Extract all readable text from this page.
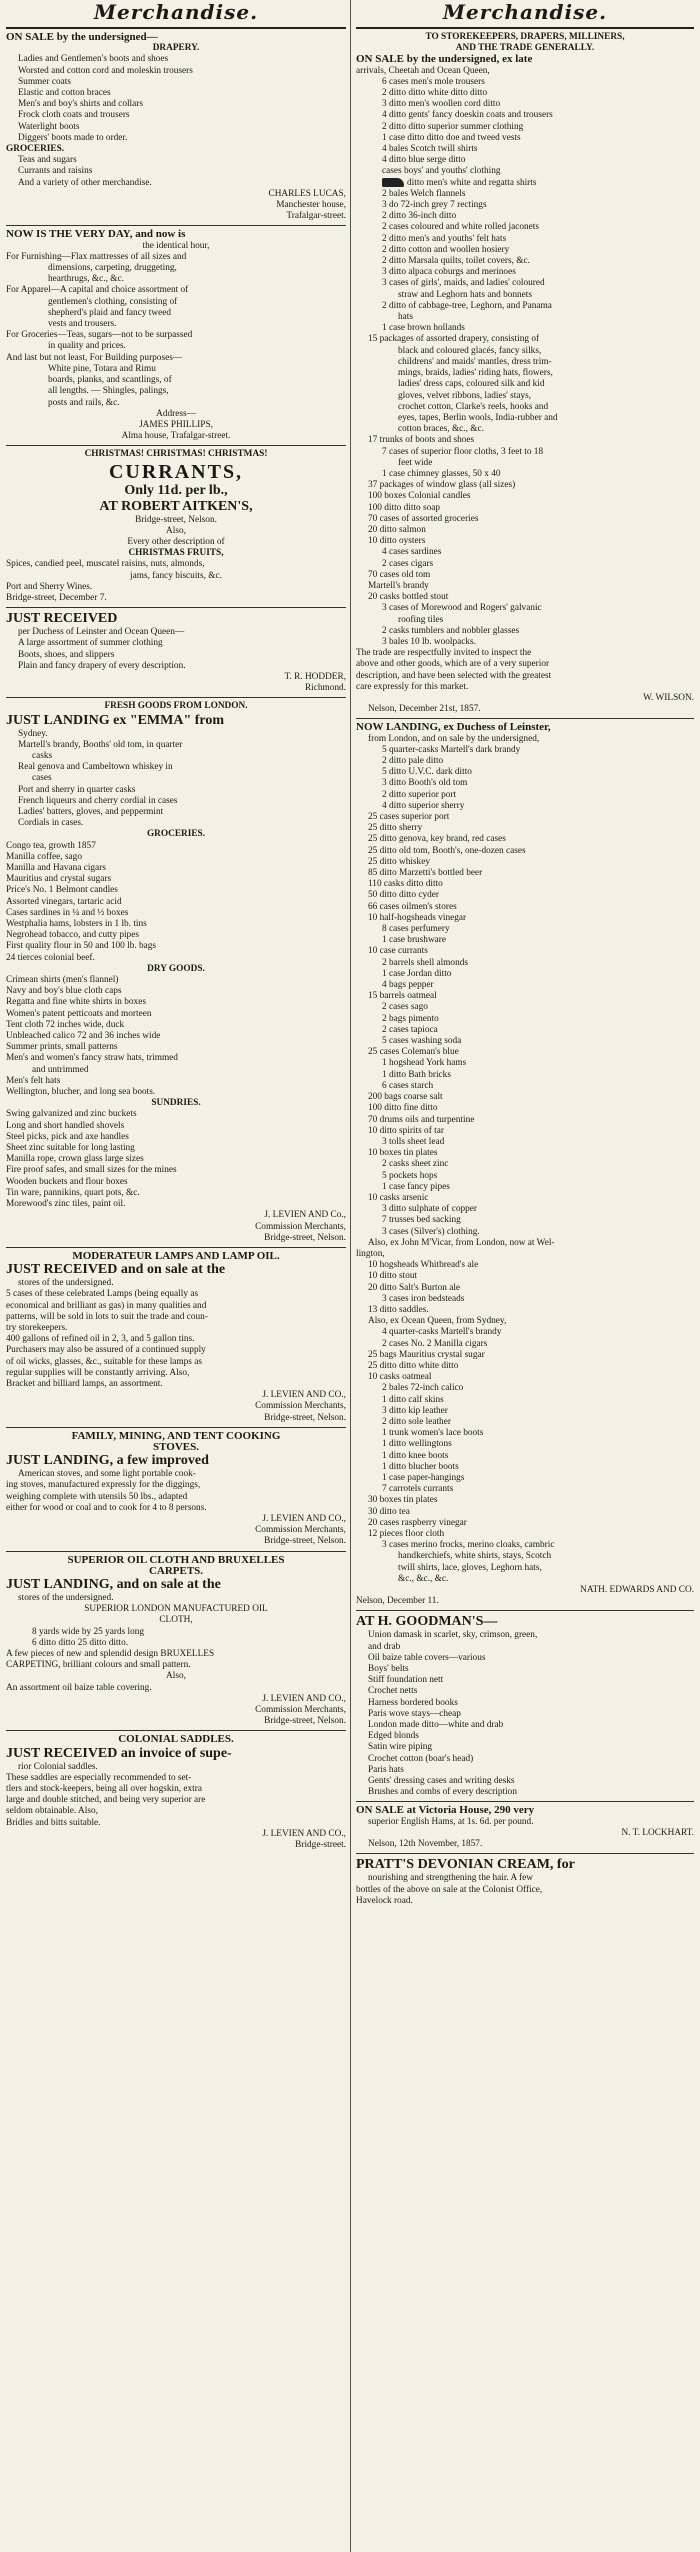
Merchandise.
ON SALE by the undersigned—
DRAPERY.
Ladies and Gentlemen's boots and shoes
Worsted and cotton cord and moleskin trousers
Summer coats
Elastic and cotton braces
Men's and boy's shirts and collars
Frock cloth coats and trousers
Waterlight boots
Diggers' boots made to order.
GROCERIES.
Teas and sugars
Currants and raisins
And a variety of other merchandise.
CHARLES LUCAS,
Manchester house,
Trafalgar-street.
NOW IS THE VERY DAY, and now is
the identical hour,
For Furnishing—Flax mattresses of all sizes and
dimensions, carpeting, druggeting,
hearthrugs, &c., &c.
For Apparel—A capital and choice assortment of
gentlemen's clothing, consisting of
shepherd's plaid and fancy tweed
vests and trousers.
For Groceries—Teas, sugars—not to be surpassed
in quality and prices.
And last but not least, For Building purposes—
White pine, Totara and Rimu
boards, planks, and scantlings, of
all lengths. — Shingles, palings,
posts and rails, &c.
Address—
JAMES PHILLIPS,
Alma house, Trafalgar-street.
CHRISTMAS! CHRISTMAS! CHRISTMAS!
CURRANTS,
Only 11d. per lb.,
AT ROBERT AITKEN'S,
Bridge-street, Nelson.
Also,
Every other description of
CHRISTMAS FRUITS,
Spices, candied peel, muscatel raisins, nuts, almonds,
jams, fancy biscuits, &c.
Port and Sherry Wines.
Bridge-street, December 7.
JUST RECEIVED
per Duchess of Leinster and Ocean Queen—
A large assortment of summer clothing
Boots, shoes, and slippers
Plain and fancy drapery of every description.
T. R. HODDER,
Richmond.
FRESH GOODS FROM LONDON.
JUST LANDING ex "EMMA" from
Sydney.
Martell's brandy, Booths' old tom, in quarter
casks
Real genova and Cambeltown whiskey in
cases
Port and sherry in quarter casks
French liqueurs and cherry cordial in cases
Ladies' batters, gloves, and peppermint
Cordials in cases.
GROCERIES.
Congo tea, growth 1857
Manilla coffee, sago
Manilla and Havana cigars
Mauritius and crystal sugars
Price's No. 1 Belmont candles
Assorted vinegars, tartaric acid
Cases sardines in ¼ and ½ boxes
Westphalia hams, lobsters in 1 lb. tins
Negrohead tobacco, and cutty pipes
First quality flour in 50 and 100 lb. bags
24 tierces colonial beef.
DRY GOODS.
Crimean shirts (men's flannel)
Navy and boy's blue cloth caps
Regatta and fine white shirts in boxes
Women's patent petticoats and morteen
Tent cloth 72 inches wide, duck
Unbleached calico 72 and 36 inches wide
Summer prints, small patterns
Men's and women's fancy straw hats, trimmed
and untrimmed
Men's felt hats
Wellington, blucher, and long sea boots.
SUNDRIES.
Swing galvanized and zinc buckets
Long and short handled shovels
Steel picks, pick and axe handles
Sheet zinc suitable for long lasting
Manilla rope, crown glass large sizes
Fire proof safes, and small sizes for the mines
Wooden buckets and flour boxes
Tin ware, pannikins, quart pots, &c.
Morewood's zinc tiles, paint oil.
J. LEVIEN AND Co.,
Commission Merchants,
Bridge-street, Nelson.
MODERATEUR LAMPS AND LAMP OIL.
JUST RECEIVED and on sale at the
stores of the undersigned.
5 cases of these celebrated Lamps (being equally as
economical and brilliant as gas) in many qualities and
patterns, will be sold in lots to suit the trade and coun-
try storekeepers.
400 gallons of refined oil in 2, 3, and 5 gallon tins.
Purchasers may also be assured of a continued supply
of oil wicks, glasses, &c., suitable for these lamps as
regular supplies will be constantly arriving. Also,
Bracket and billiard lamps, an assortment.
J. LEVIEN AND CO.,
Commission Merchants,
Bridge-street, Nelson.
FAMILY, MINING, AND TENT COOKING
STOVES.
JUST LANDING, a few improved
American stoves, and some light portable cook-
ing stoves, manufactured expressly for the diggings,
weighing complete with utensils 50 lbs., adapted
either for wood or coal and to cook for 4 to 8 persons.
J. LEVIEN AND CO.,
Commission Merchants,
Bridge-street, Nelson.
SUPERIOR OIL CLOTH AND BRUXELLES
CARPETS.
JUST LANDING, and on sale at the
stores of the undersigned.
SUPERIOR LONDON MANUFACTURED OIL
CLOTH,
8 yards wide by 25 yards long
6 ditto ditto 25 ditto ditto.
A few pieces of new and splendid design BRUXELLES
CARPETING, brilliant colours and small pattern.
Also,
An assortment oil baize table covering.
J. LEVIEN AND CO.,
Commission Merchants,
Bridge-street, Nelson.
COLONIAL SADDLES.
JUST RECEIVED an invoice of supe-
rior Colonial saddles.
These saddles are especially recommended to set-
tlers and stock-keepers, being all over hogskin, extra
large and double stitched, and being very superior are
seldom obtainable. Also,
Bridles and bitts suitable.
J. LEVIEN AND CO.,
Bridge-street.
Merchandise.
TO STOREKEEPERS, DRAPERS, MILLINERS,
AND THE TRADE GENERALLY.
ON SALE by the undersigned, ex late
arrivals, Cheetah and Ocean Queen,
6 cases men's mole trousers
2 ditto ditto white ditto ditto
3 ditto men's woollen cord ditto
4 ditto gents' fancy doeskin coats and trousers
2 ditto ditto superior summer clothing
1 case ditto ditto doe and tweed vests
4 bales Scotch twill shirts
4 ditto blue serge ditto
cases boys' and youths' clothing
ditto men's white and regatta shirts
2 bales Welch flannels
3 do 72-inch grey 7 rectings
2 ditto 36-inch ditto
2 cases coloured and white rolled jaconets
2 ditto men's and youths' felt hats
2 ditto cotton and woollen hosiery
2 ditto Marsala quilts, toilet covers, &c.
3 ditto alpaca coburgs and merinoes
3 cases of girls', maids, and ladies' coloured
straw and Leghorn hats and bonnets
2 ditto of cabbage-tree, Leghorn, and Panama
hats
1 case brown hollands
15 packages of assorted drapery, consisting of
black and coloured glacés, fancy silks,
childrens' and maids' mantles, dress trim-
mings, braids, ladies' riding hats, flowers,
ladies' dress caps, coloured silk and kid
gloves, velvet ribbons, ladies' stays,
crochet cotton, Clarke's reels, hooks and
eyes, tapes, Berlin wools, India-rubber and
cotton braces, &c., &c.
17 trunks of boots and shoes
7 cases of superior floor cloths, 3 feet to 18
feet wide
1 case chimney glasses, 50 x 40
37 packages of window glass (all sizes)
100 boxes Colonial candles
100 ditto ditto soap
70 cases of assorted groceries
20 ditto salmon
10 ditto oysters
4 cases sardines
2 cases cigars
70 cases old tom
Martell's brandy
20 casks bottled stout
3 cases of Morewood and Rogers' galvanic
roofing tiles
2 casks tumblers and nobbler glasses
3 bales 10 lb. woolpacks.
The trade are respectfully invited to inspect the
above and other goods, which are of a very superior
description, and have been selected with the greatest
care expressly for this market.
W. WILSON.
Nelson, December 21st, 1857.
NOW LANDING, ex Duchess of Leinster,
from London, and on sale by the undersigned,
5 quarter-casks Martell's dark brandy
2 ditto pale ditto
5 ditto U.V.C. dark ditto
3 ditto Booth's old tom
2 ditto superior port
4 ditto superior sherry
25 cases superior port
25 ditto sherry
25 ditto genova, key brand, red cases
25 ditto old tom, Booth's, one-dozen cases
25 ditto whiskey
85 ditto Marzetti's bottled beer
110 casks ditto ditto
50 ditto ditto cyder
66 cases oilmen's stores
10 half-hogsheads vinegar
8 cases perfumery
1 case brushware
10 case currants
2 barrels shell almonds
1 case Jordan ditto
4 bags pepper
15 barrels oatmeal
2 cases sago
2 bags pimento
2 cases tapioca
5 cases washing soda
25 cases Coleman's blue
1 hogshead York hams
1 ditto Bath bricks
6 cases starch
200 bags coarse salt
100 ditto fine ditto
70 drums oils and turpentine
10 ditto spirits of tar
3 tolls sheet lead
10 boxes tin plates
2 casks sheet zinc
5 pockets hops
1 case fancy pipes
10 casks arsenic
3 ditto sulphate of copper
7 trusses bed sacking
3 cases (Silver's) clothing.
Also, ex John M'Vicar, from London, now at Wel-
lington,
10 hogsheads Whitbread's ale
10 ditto stout
20 ditto Salt's Burton ale
3 cases iron bedsteads
13 ditto saddles.
Also, ex Ocean Queen, from Sydney,
4 quarter-casks Martell's brandy
2 cases No. 2 Manilla cigars
25 bags Mauritius crystal sugar
25 ditto ditto white ditto
10 casks oatmeal
2 bales 72-inch calico
1 ditto calf skins
3 ditto kip leather
2 ditto sole leather
1 trunk women's lace boots
1 ditto wellingtons
1 ditto knee boots
1 ditto blucher boots
1 case paper-hangings
7 carrotels currants
30 boxes tin plates
30 ditto tea
20 cases raspberry vinegar
12 pieces floor cloth
3 cases merino frocks, merino cloaks, cambric
handkerchiefs, white shirts, stays, Scotch
twill shirts, lace, gloves, Leghorn hats,
&c., &c., &c.
NATH. EDWARDS AND CO.
Nelson, December 11.
AT H. GOODMAN'S—
Union damask in scarlet, sky, crimson, green,
and drab
Oil baize table covers—various
Boys' belts
Stiff foundation nett
Crochet netts
Harness bordered books
Paris wove stays—cheap
London made ditto—white and drab
Edged blonds
Satin wire piping
Crochet cotton (boar's head)
Paris hats
Gents' dressing cases and writing desks
Brushes and combs of every description
ON SALE at Victoria House, 290 very
superior English Hams, at 1s. 6d. per pound.
N. T. LOCKHART.
Nelson, 12th November, 1857.
PRATT'S DEVONIAN CREAM, for
nourishing and strengthening the hair. A few
bottles of the above on sale at the Colonist Office,
Havelock road.
